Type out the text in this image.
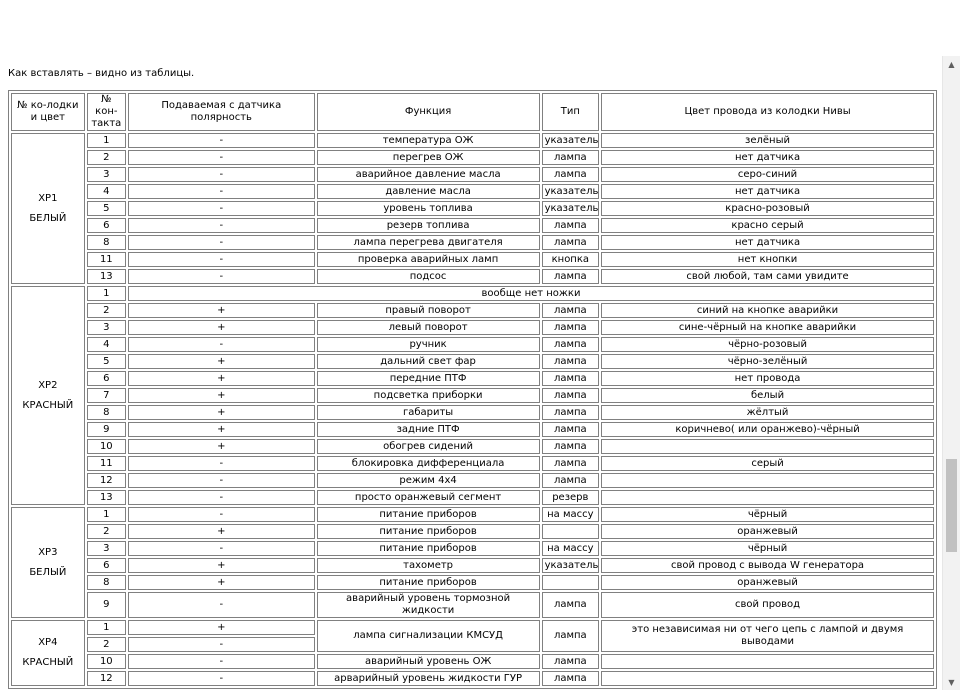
Как вставлять – видно из таблицы.
№ ко-лодки и цвет	№ кон-такта	Подаваемая с датчика полярность	Функция	Тип	Цвет провода из колодки Нивы

XP1
БЕЛЫЙ	1	-	температура ОЖ	указатель	зелёный
	2	-	перегрев ОЖ	лампа	нет датчика
	3	-	аварийное давление масла	лампа	серо-синий
	4	-	давление масла	указатель	нет датчика
	5	-	уровень топлива	указатель	красно-розовый
	6	-	резерв топлива	лампа	красно серый
	8	-	лампа перегрева двигателя	лампа	нет датчика
	11	-	проверка аварийных ламп	кнопка	нет кнопки
	13	-	подсос	лампа	свой любой, там сами увидите

XP2
КРАСНЫЙ	1	вообще нет ножки			
	2	+	правый поворот	лампа	синий на кнопке аварийки
	3	+	левый поворот	лампа	сине-чёрный на кнопке аварийки
	4	-	ручник	лампа	чёрно-розовый
	5	+	дальний свет фар	лампа	чёрно-зелёный
	6	+	передние ПТФ	лампа	нет провода
	7	+	подсветка приборки	лампа	белый
	8	+	габариты	лампа	жёлтый
	9	+	задние ПТФ	лампа	коричнево( или оранжево)-чёрный
	10	+	обогрев сидений	лампа	
	11	-	блокировка дифференциала	лампа	серый
	12	-	режим 4х4	лампа	
	13	-	просто оранжевый сегмент	резерв	

XP3
БЕЛЫЙ	1	-	питание приборов	на массу	чёрный
	2	+	питание приборов		оранжевый
	3	-	питание приборов	на массу	чёрный
	6	+	тахометр	указатель	свой провод с вывода W генератора
	8	+	питание приборов		оранжевый
	9	-	аварийный уровень тормозной жидкости	лампа	свой провод

XP4
КРАСНЫЙ	1	+	лампа сигнализации КМСУД	лампа	это независимая ни от чего цепь с лампой и двумя выводами
	2	-			
	10	-	аварийный уровень ОЖ	лампа	
	12	-	арварийный уровень жидкости ГУР	лампа	
▲
▼
